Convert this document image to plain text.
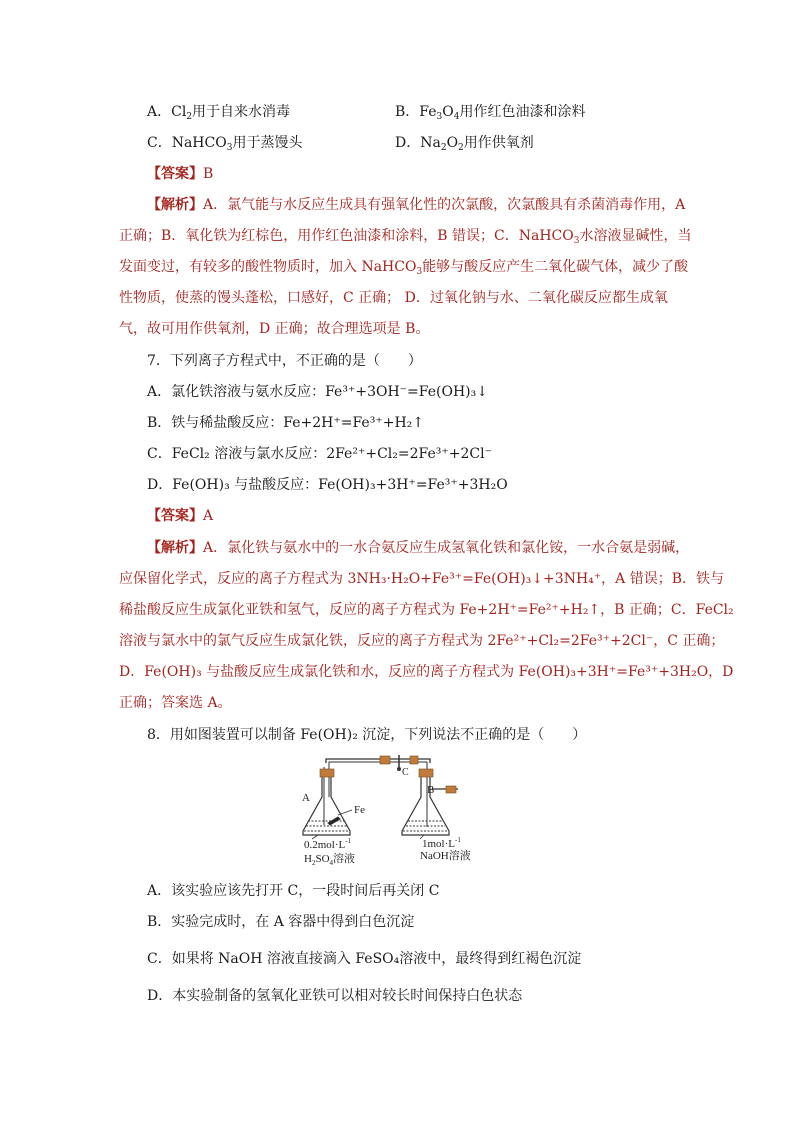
A．$Cl_2$用于自来水消毒	B．$Fe_3O_4$用作红色油漆和涂料
C．NaHCO$_3$用于蒸馒头	D．$Na_2O_2$用作供氧剂
【答案】B
【解析】A．氯气能与水反应生成具有强氧化性的次氯酸，次氯酸具有杀菌消毒作用，A
正确；B．氧化铁为红棕色，用作红色油漆和涂料，B 错误；C．NaHCO$_3$水溶液显碱性，当
发面变过，有较多的酸性物质时，加入 NaHCO$_3$能够与酸反应产生二氧化碳气体，减少了酸
性物质，使蒸的馒头蓬松，口感好，C 正确； D．过氧化钠与水、二氧化碳反应都生成氧
气，故可用作供氧剂，D 正确；故合理选项是 B。
7．下列离子方程式中，不正确的是（　　）
A．氯化铁溶液与氨水反应：Fe³⁺+3OH⁻=Fe(OH)₃↓
B．铁与稀盐酸反应：Fe+2H⁺=Fe³⁺+H₂↑
C．FeCl₂ 溶液与氯水反应：2Fe²⁺+Cl₂=2Fe³⁺+2Cl⁻
D．Fe(OH)₃ 与盐酸反应：Fe(OH)₃+3H⁺=Fe³⁺+3H₂O
【答案】A
【解析】A．氯化铁与氨水中的一水合氨反应生成氢氧化铁和氯化铵，一水合氨是弱碱，
应保留化学式，反应的离子方程式为 3NH₃·H₂O+Fe³⁺=Fe(OH)₃↓+3NH₄⁺，A 错误；B．铁与
稀盐酸反应生成氯化亚铁和氢气，反应的离子方程式为 Fe+2H⁺=Fe²⁺+H₂↑，B 正确；C．FeCl₂
溶液与氯水中的氯气反应生成氯化铁，反应的离子方程式为 2Fe²⁺+Cl₂=2Fe³⁺+2Cl⁻，C 正确；
D．Fe(OH)₃ 与盐酸反应生成氯化铁和水，反应的离子方程式为 Fe(OH)₃+3H⁺=Fe³⁺+3H₂O，D
正确；答案选 A。
8．用如图装置可以制备 Fe(OH)₂ 沉淀，下列说法不正确的是（　　）
A
B
C
Fe
$0.2mol\cdot L^{-1}$
$H_2SO_4$溶液
$1mol\cdot L^{-1}$
NaOH溶液
A．该实验应该先打开 C，一段时间后再关闭 C
B．实验完成时，在 A 容器中得到白色沉淀
C．如果将 NaOH 溶液直接滴入 FeSO₄溶液中，最终得到红褐色沉淀
D．本实验制备的氢氧化亚铁可以相对较长时间保持白色状态
